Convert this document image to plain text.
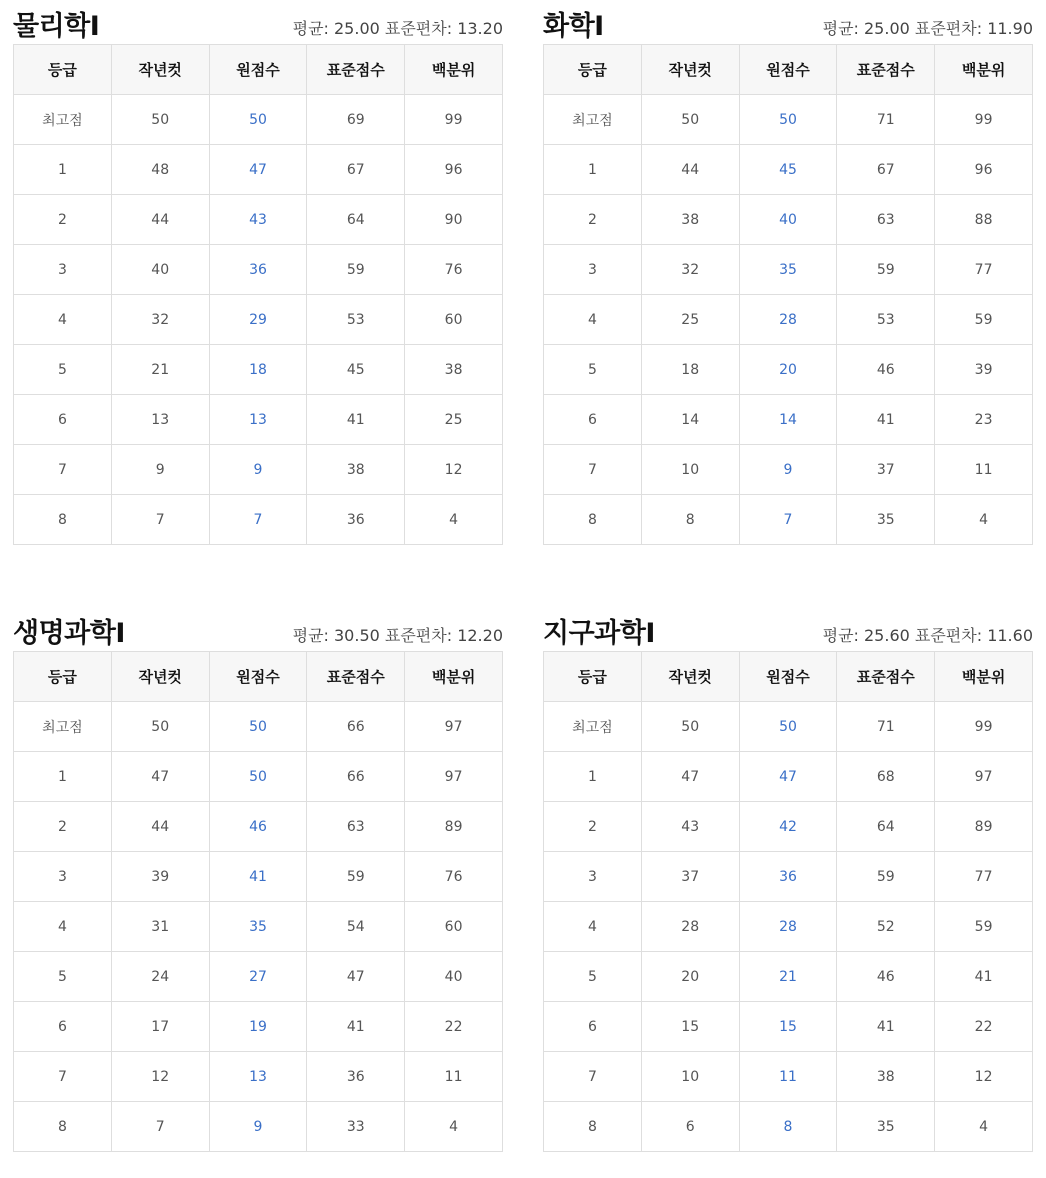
물리학Ⅰ	평균: 25.00 표준편차: 13.20
등급	작년컷	원점수	표준점수	백분위
최고점	50	50	69	99
1	48	47	67	96
2	44	43	64	90
3	40	36	59	76
4	32	29	53	60
5	21	18	45	38
6	13	13	41	25
7	9	9	38	12
8	7	7	36	4
화학Ⅰ	평균: 25.00 표준편차: 11.90
등급	작년컷	원점수	표준점수	백분위
최고점	50	50	71	99
1	44	45	67	96
2	38	40	63	88
3	32	35	59	77
4	25	28	53	59
5	18	20	46	39
6	14	14	41	23
7	10	9	37	11
8	8	7	35	4
생명과학Ⅰ	평균: 30.50 표준편차: 12.20
등급	작년컷	원점수	표준점수	백분위
최고점	50	50	66	97
1	47	50	66	97
2	44	46	63	89
3	39	41	59	76
4	31	35	54	60
5	24	27	47	40
6	17	19	41	22
7	12	13	36	11
8	7	9	33	4
지구과학Ⅰ	평균: 25.60 표준편차: 11.60
등급	작년컷	원점수	표준점수	백분위
최고점	50	50	71	99
1	47	47	68	97
2	43	42	64	89
3	37	36	59	77
4	28	28	52	59
5	20	21	46	41
6	15	15	41	22
7	10	11	38	12
8	6	8	35	4
